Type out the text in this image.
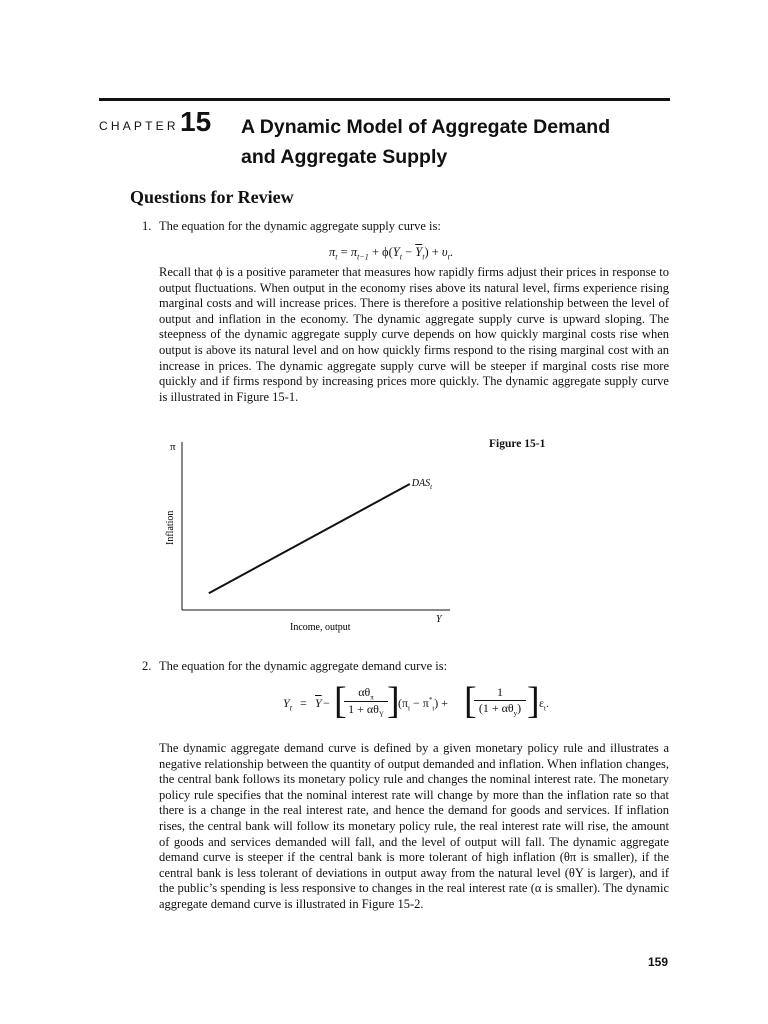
CHAPTER 15 A Dynamic Model of Aggregate Demand
and Aggregate Supply
Questions for Review
1. The equation for the dynamic aggregate supply curve is:
$\pi_t = \pi_{t-1} + \phi(Y_t - \overline{Y}_t) + \upsilon_t$.
Recall that ϕ is a positive parameter that measures how rapidly firms adjust their prices in response to output fluctuations. When output in the economy rises above its natural level, firms experience rising marginal costs and will increase prices. There is therefore a positive relationship between the level of output and inflation in the economy. The dynamic aggregate supply curve is upward sloping. The steepness of the dynamic aggregate supply curve depends on how quickly marginal costs rise when output is above its natural level and on how quickly firms respond to the rising marginal cost with an increase in prices. The dynamic aggregate supply curve will be steeper if marginal costs rise more quickly and if firms respond by increasing prices more quickly. The dynamic aggregate supply curve is illustrated in Figure 15-1.
Figure 15-1
π
Y
Inflation
Income, output
$DAS_t$
2. The equation for the dynamic aggregate demand curve is:
$Y_t = \overline{Y}$ − [ $\alpha\theta_\pi$
$1 + \alpha\theta_Y$ ]
$(\pi_t - \pi^*_t)$ + [	1
$(1 + \alpha\theta_y)$ ] $\varepsilon_t$.
The dynamic aggregate demand curve is defined by a given monetary policy rule and illustrates a negative relationship between the quantity of output demanded and inflation. When inflation changes, the central bank follows its monetary policy rule and changes the nominal interest rate. The monetary policy rule specifies that the nominal interest rate will change by more than the inflation rate so that there is a change in the real interest rate, and hence the demand for goods and services. If inflation rises, the central bank will follow its monetary policy rule, the real interest rate will rise, the amount of goods and services demanded will fall, and the level of output will fall. The dynamic aggregate demand curve is steeper if the central bank is more tolerant of high inflation (θπ is smaller), if the central bank is less tolerant of deviations in output away from the natural level (θY is larger), and if the public’s spending is less responsive to changes in the real interest rate (α is smaller). The dynamic aggregate demand curve is illustrated in Figure 15-2.
159
